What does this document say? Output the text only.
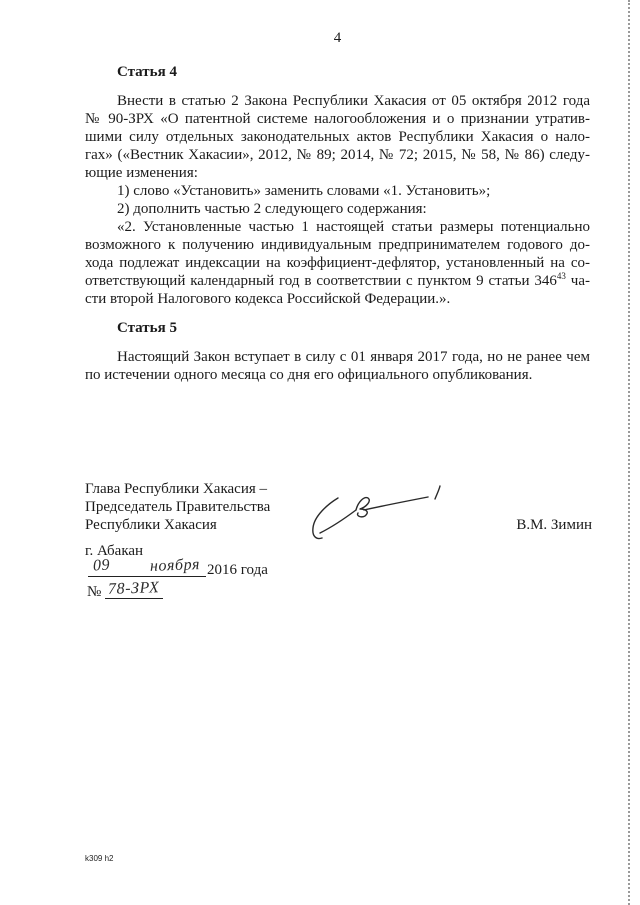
4
Статья 4
Внести в статью 2 Закона Республики Хакасия от 05 октября 2012 года
№ 90-ЗРХ «О патентной системе налогообложения и о признании утратив-
шими силу отдельных законодательных актов Республики Хакасия о нало-
гах» («Вестник Хакасии», 2012, № 89; 2014, № 72; 2015, № 58, № 86) следу-
ющие изменения:
1) слово «Установить» заменить словами «1. Установить»;
2) дополнить частью 2 следующего содержания:
«2. Установленные частью 1 настоящей статьи размеры потенциально
возможного к получению индивидуальным предпринимателем годового до-
хода подлежат индексации на коэффициент-дефлятор, установленный на со-
ответствующий календарный год в соответствии с пунктом 9 статьи $346^{43}$ ча-
сти второй Налогового кодекса Российской Федерации.».
Статья 5
Настоящий Закон вступает в силу с 01 января 2017 года, но не ранее чем
по истечении одного месяца со дня его официального опубликования.
Глава Республики Хакасия –
Председатель Правительства
Республики Хакасия	В.М. Зимин
г. Абакан
09 ноября 2016 года
№ 78-ЗРХ
k309 h2
